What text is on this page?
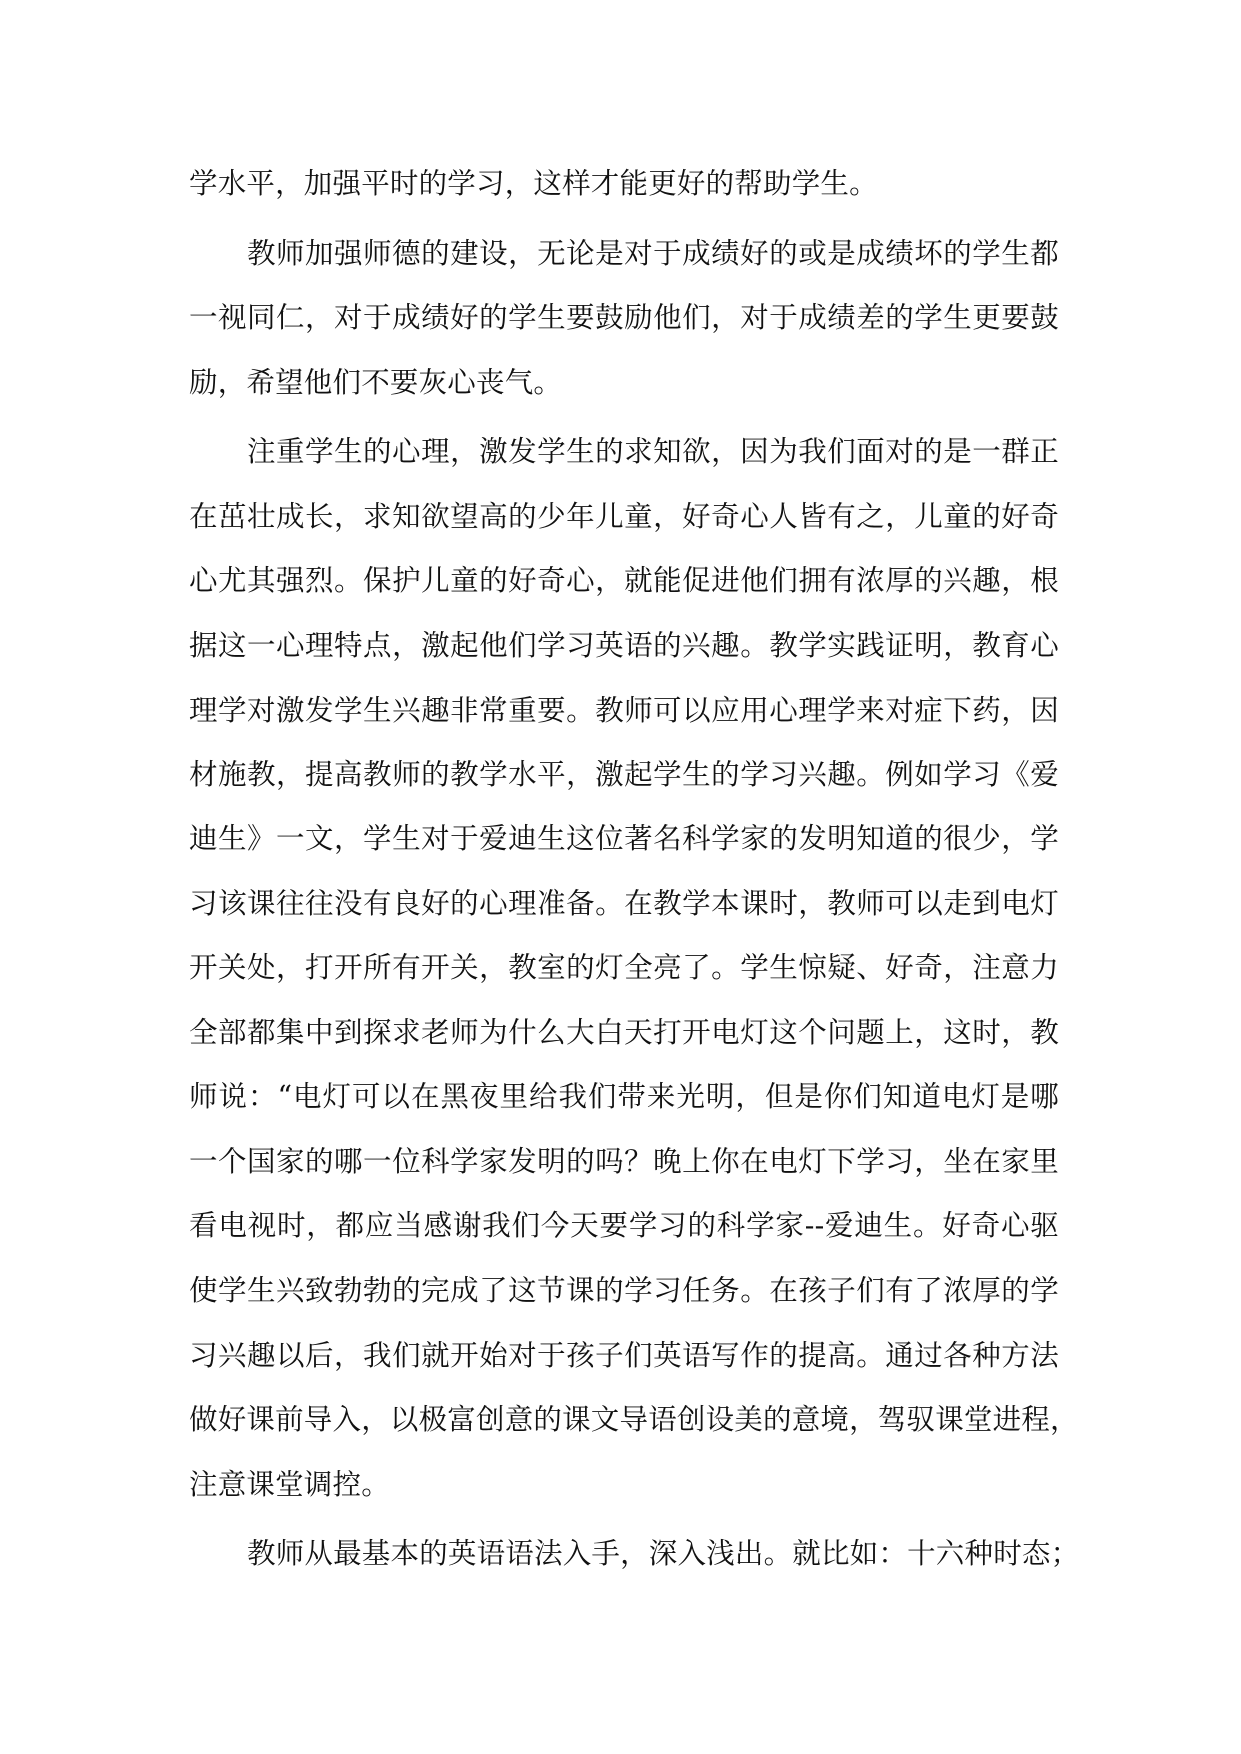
学水平，加强平时的学习，这样才能更好的帮助学生。
教师加强师德的建设，无论是对于成绩好的或是成绩坏的学生都
一视同仁，对于成绩好的学生要鼓励他们，对于成绩差的学生更要鼓
励，希望他们不要灰心丧气。
注重学生的心理，激发学生的求知欲，因为我们面对的是一群正
在茁壮成长，求知欲望高的少年儿童，好奇心人皆有之，儿童的好奇
心尤其强烈。保护儿童的好奇心，就能促进他们拥有浓厚的兴趣，根
据这一心理特点，激起他们学习英语的兴趣。教学实践证明，教育心
理学对激发学生兴趣非常重要。教师可以应用心理学来对症下药，因
材施教，提高教师的教学水平，激起学生的学习兴趣。例如学习《爱
迪生》一文，学生对于爱迪生这位著名科学家的发明知道的很少，学
习该课往往没有良好的心理准备。在教学本课时，教师可以走到电灯
开关处，打开所有开关，教室的灯全亮了。学生惊疑、好奇，注意力
全部都集中到探求老师为什么大白天打开电灯这个问题上，这时，教
师说：“电灯可以在黑夜里给我们带来光明，但是你们知道电灯是哪
一个国家的哪一位科学家发明的吗？晚上你在电灯下学习，坐在家里
看电视时，都应当感谢我们今天要学习的科学家--爱迪生。好奇心驱
使学生兴致勃勃的完成了这节课的学习任务。在孩子们有了浓厚的学
习兴趣以后，我们就开始对于孩子们英语写作的提高。通过各种方法
做好课前导入，以极富创意的课文导语创设美的意境，驾驭课堂进程，
注意课堂调控。
教师从最基本的英语语法入手，深入浅出。就比如：十六种时态；
